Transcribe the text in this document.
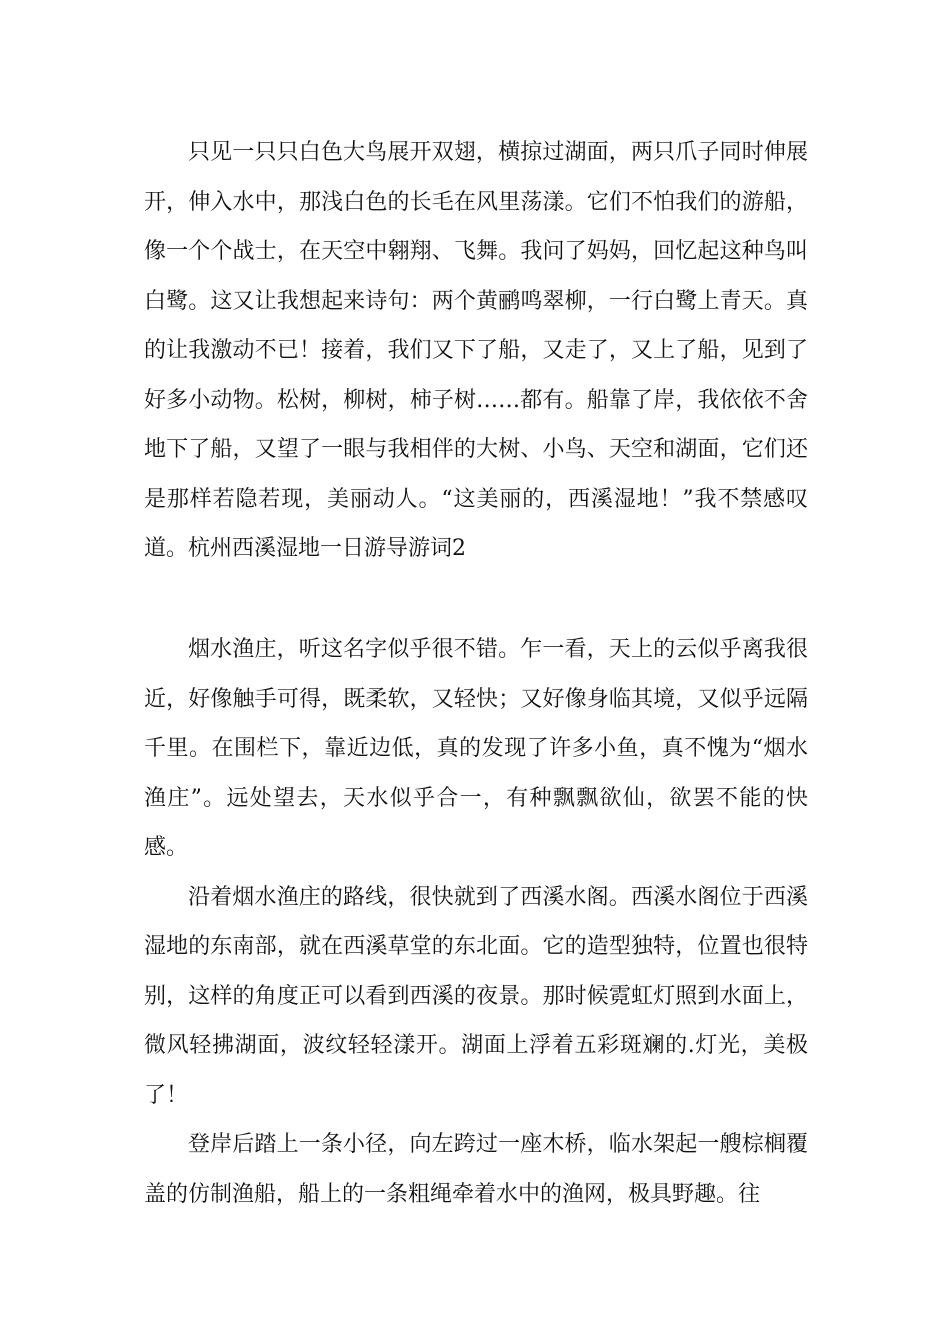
只见一只只白色大鸟展开双翅，横掠过湖面，两只爪子同时伸展开，伸入水中，那浅白色的长毛在风里荡漾。它们不怕我们的游船，像一个个战士，在天空中翱翔、飞舞。我问了妈妈，回忆起这种鸟叫白鹭。这又让我想起来诗句：两个黄鹂鸣翠柳，一行白鹭上青天。真的让我激动不已！接着，我们又下了船，又走了，又上了船，见到了好多小动物。松树，柳树，柿子树……都有。船靠了岸，我依依不舍地下了船，又望了一眼与我相伴的大树、小鸟、天空和湖面，它们还是那样若隐若现，美丽动人。“这美丽的，西溪湿地！”我不禁感叹道。杭州西溪湿地一日游导游词2

烟水渔庄，听这名字似乎很不错。乍一看，天上的云似乎离我很近，好像触手可得，既柔软，又轻快；又好像身临其境，又似乎远隔千里。在围栏下，靠近边低，真的发现了许多小鱼，真不愧为“烟水渔庄”。远处望去，天水似乎合一，有种飘飘欲仙，欲罢不能的快感。

沿着烟水渔庄的路线，很快就到了西溪水阁。西溪水阁位于西溪湿地的东南部，就在西溪草堂的东北面。它的造型独特，位置也很特别，这样的角度正可以看到西溪的夜景。那时候霓虹灯照到水面上，微风轻拂湖面，波纹轻轻漾开。湖面上浮着五彩斑斓的.灯光，美极了！

登岸后踏上一条小径，向左跨过一座木桥，临水架起一艘棕榈覆盖的仿制渔船，船上的一条粗绳牵着水中的渔网，极具野趣。往
